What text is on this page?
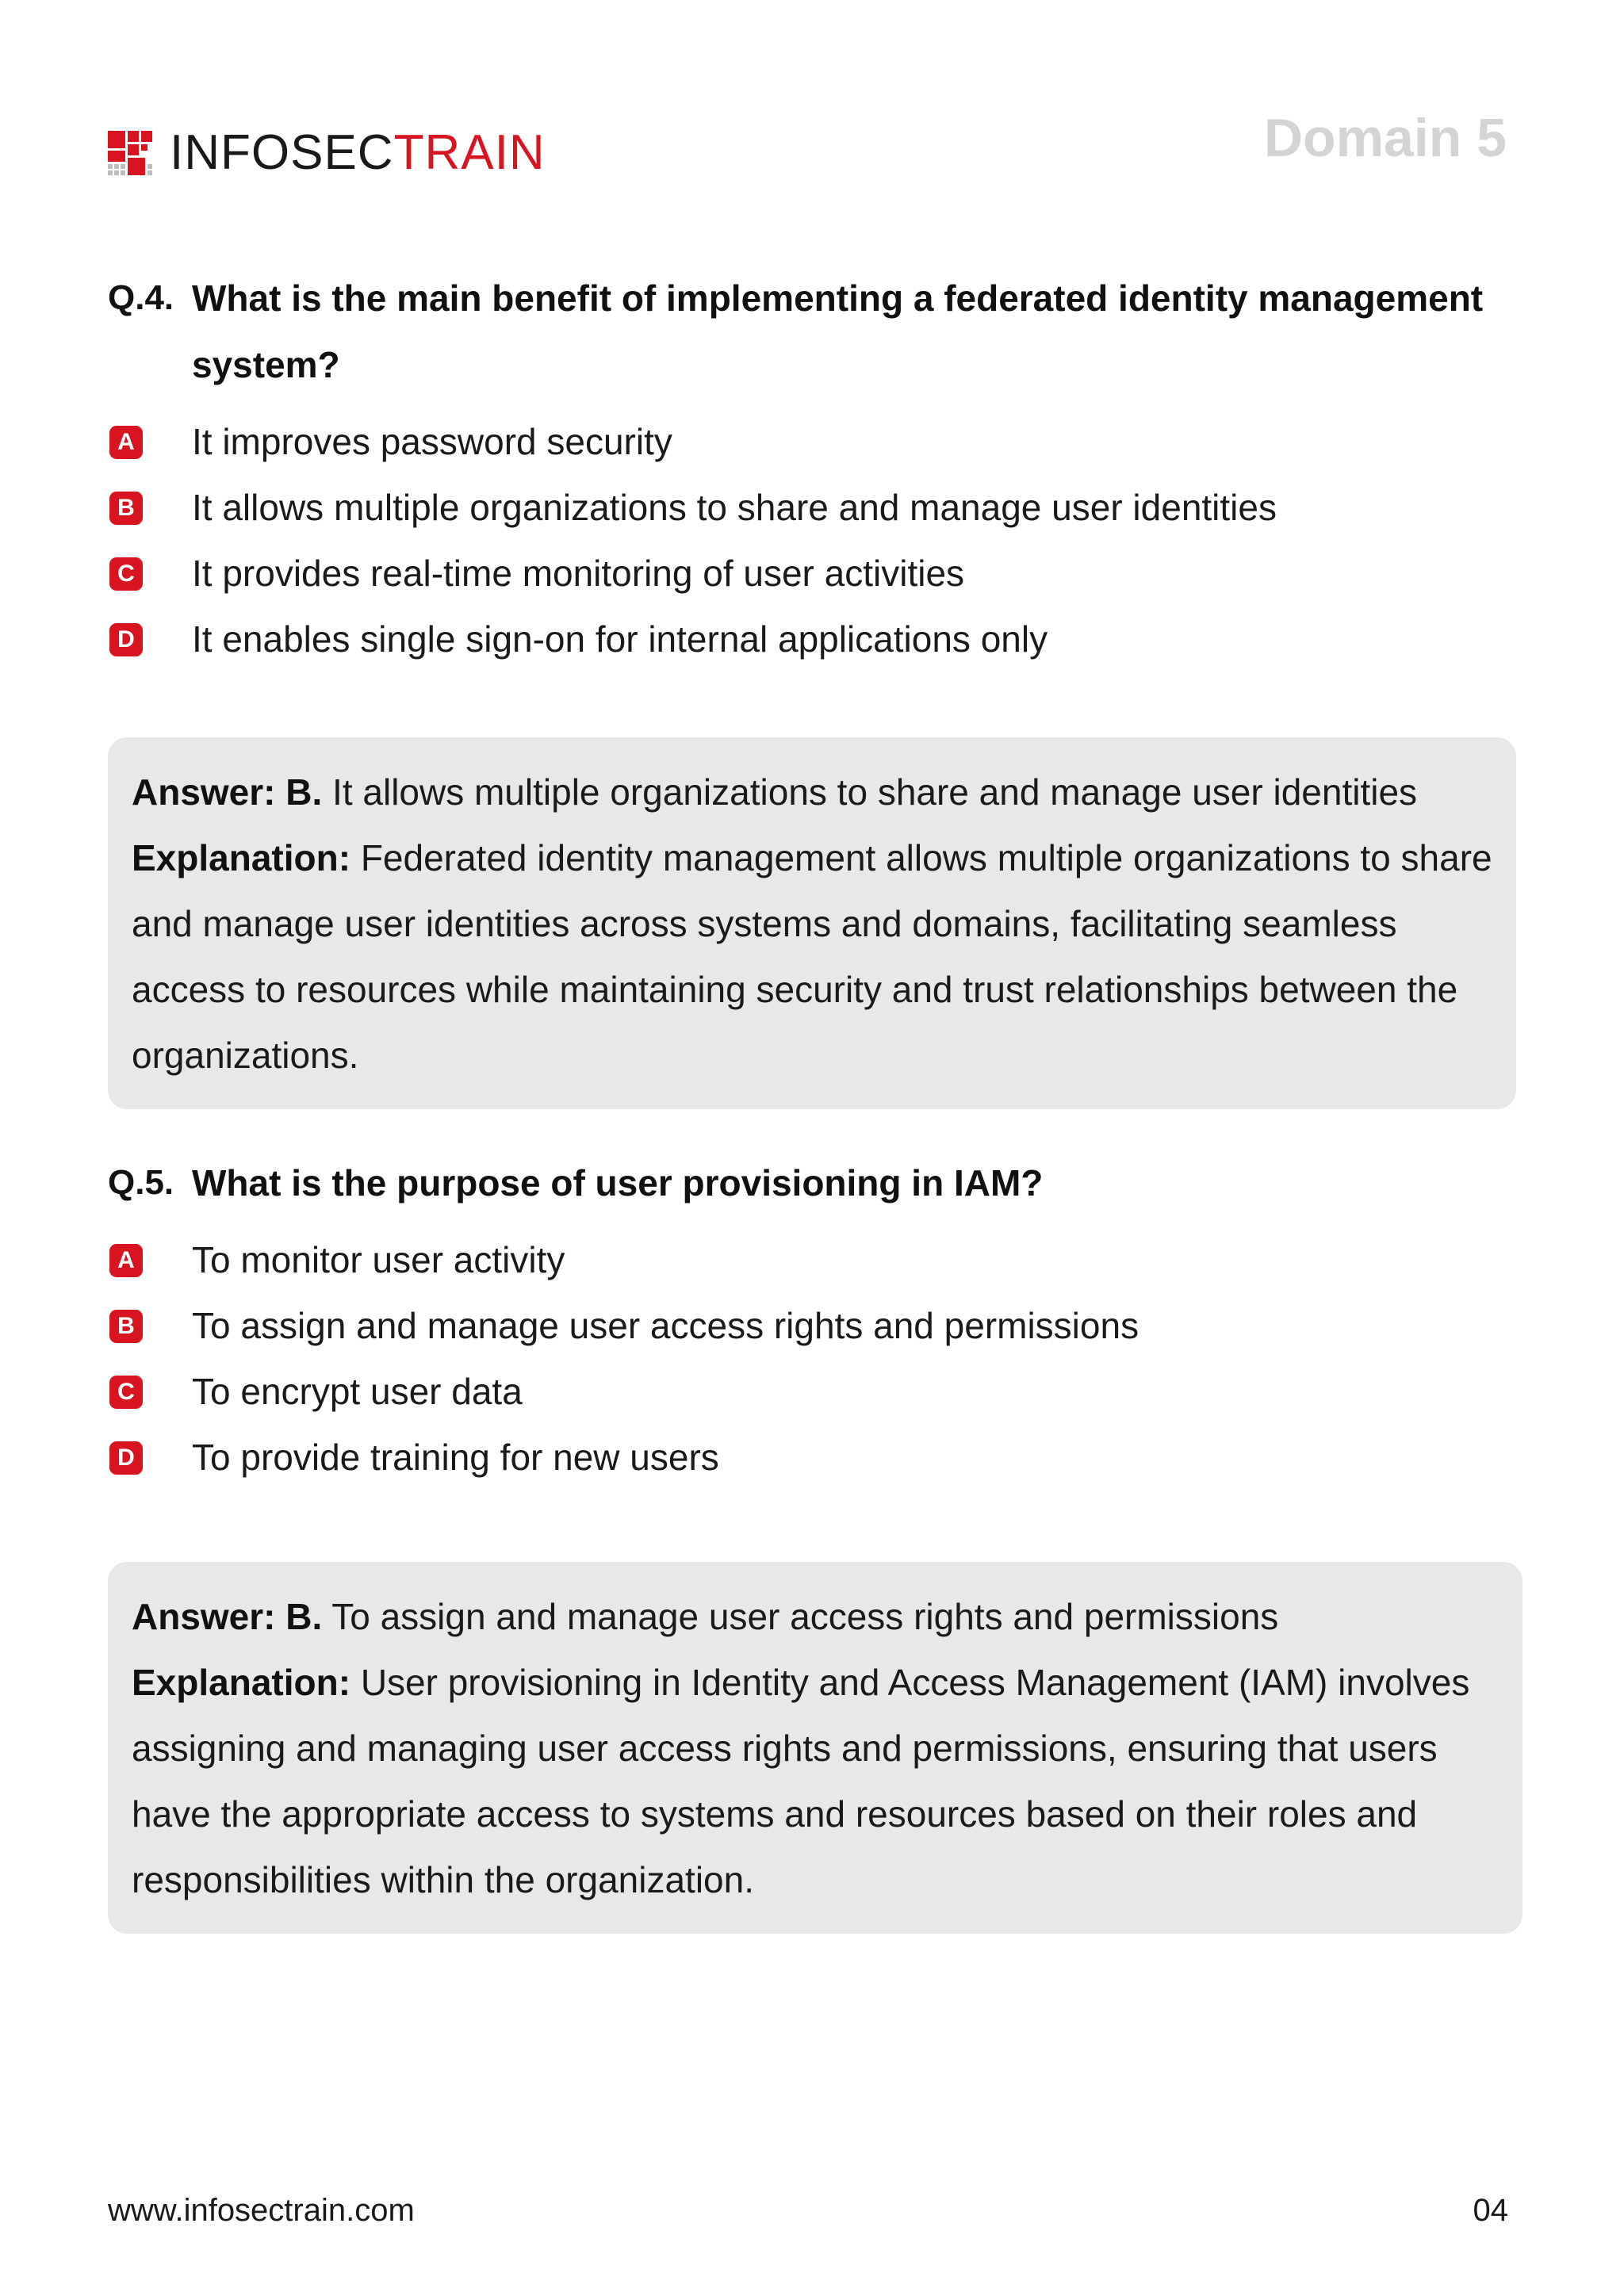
INFOSECTRAIN	Domain 5
Q.4. What is the main benefit of implementing a federated identity management system?
A It improves password security
B It allows multiple organizations to share and manage user identities
C It provides real-time monitoring of user activities
D It enables single sign-on for internal applications only
Answer: B. It allows multiple organizations to share and manage user identities
Explanation: Federated identity management allows multiple organizations to share and manage user identities across systems and domains, facilitating seamless access to resources while maintaining security and trust relationships between the organizations.
Q.5. What is the purpose of user provisioning in IAM?
A To monitor user activity
B To assign and manage user access rights and permissions
C To encrypt user data
D To provide training for new users
Answer: B. To assign and manage user access rights and permissions
Explanation: User provisioning in Identity and Access Management (IAM) involves assigning and managing user access rights and permissions, ensuring that users have the appropriate access to systems and resources based on their roles and responsibilities within the organization.
www.infosectrain.com	04
